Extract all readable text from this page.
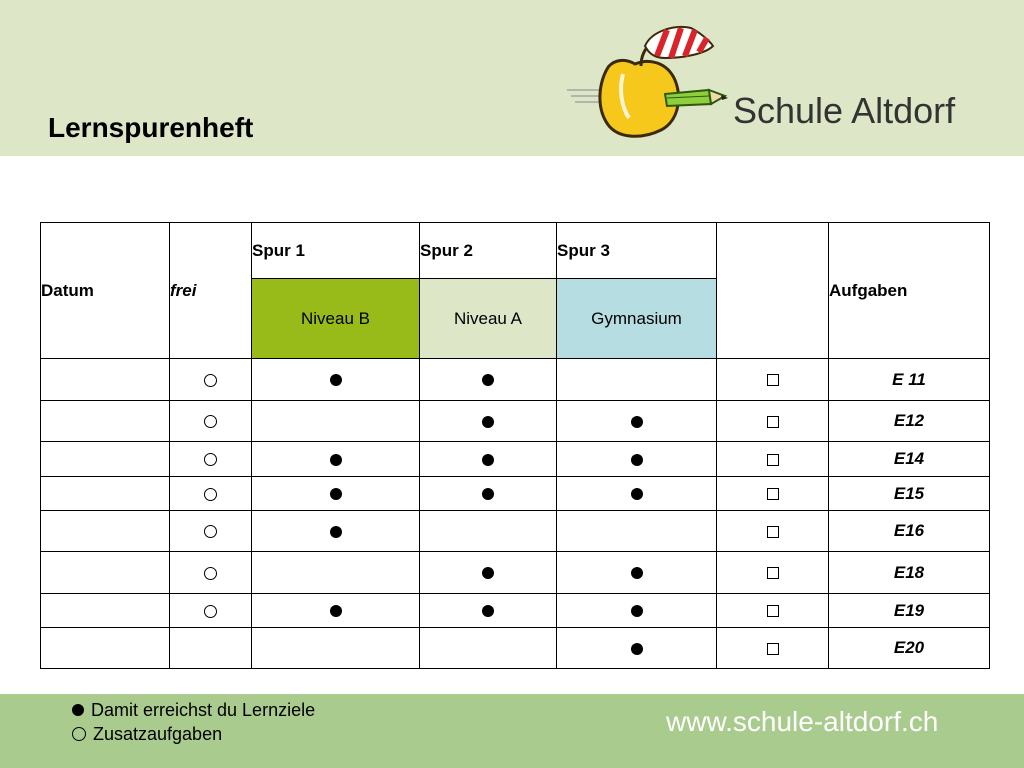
Lernspurenheft	Schule Altdorf
Datum	frei	Spur 1	Spur 2	Spur 3		Aufgaben
		Niveau B	Niveau A	Gymnasium		
						E 11
						E12
						E14
						E15
						E16
						E18
						E19
						E20
Damit erreichst du Lernziele
Zusatzaufgaben	www.schule-altdorf.ch
